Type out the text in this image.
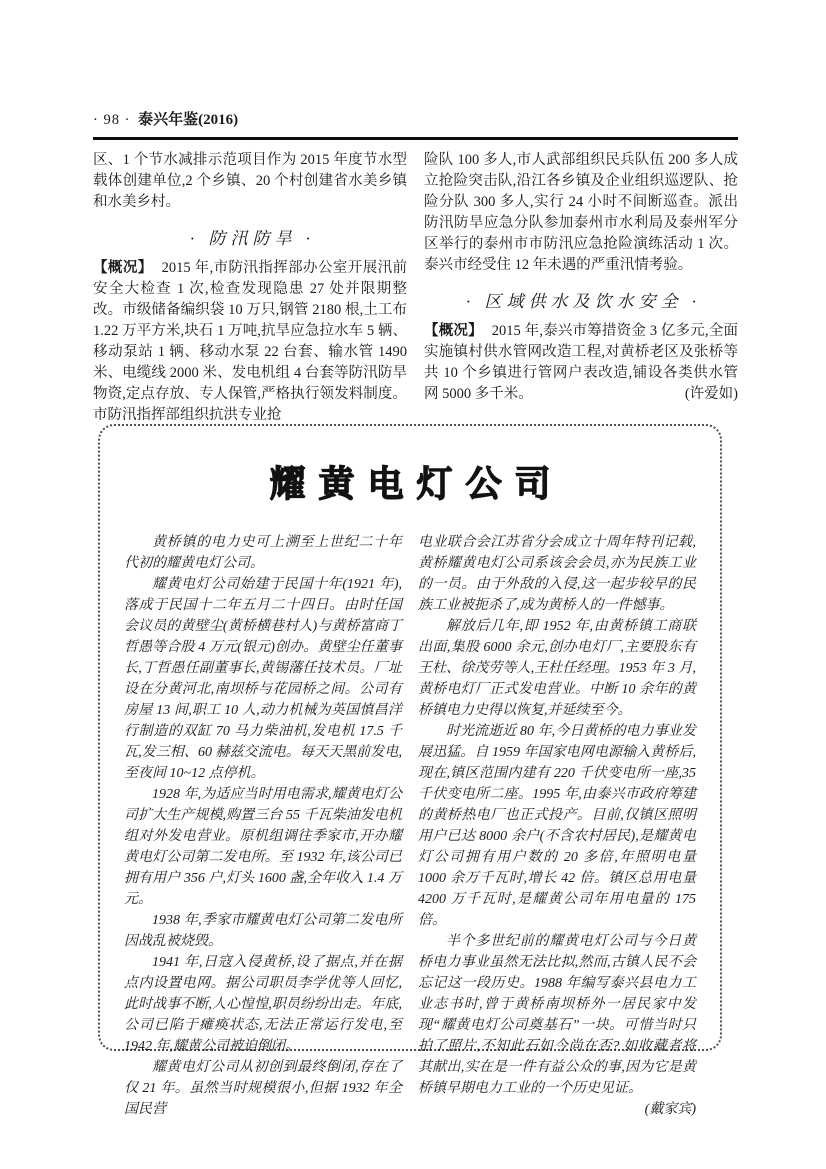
· 98 · 泰兴年鉴(2016)

区、1 个节水减排示范项目作为 2015 年度节水型载体创建单位,2 个乡镇、20 个村创建省水美乡镇和水美乡村。

· 防汛防旱 ·

【概况】 2015 年,市防汛指挥部办公室开展汛前安全大检查 1 次,检查发现隐患 27 处并限期整改。市级储备编织袋 10 万只,钢管 2180 根,土工布 1.22 万平方米,块石 1 万吨,抗旱应急拉水车 5 辆、移动泵站 1 辆、移动水泵 22 台套、输水管 1490 米、电缆线 2000 米、发电机组 4 台套等防汛防旱物资,定点存放、专人保管,严格执行领发料制度。市防汛指挥部组织抗洪专业抢

险队 100 多人,市人武部组织民兵队伍 200 多人成立抢险突击队,沿江各乡镇及企业组织巡逻队、抢险分队 300 多人,实行 24 小时不间断巡查。派出防汛防旱应急分队参加泰州市水利局及泰州军分区举行的泰州市市防汛应急抢险演练活动 1 次。泰兴市经受住 12 年未遇的严重汛情考验。

· 区域供水及饮水安全 ·

【概况】 2015 年,泰兴市筹措资金 3 亿多元,全面实施镇村供水管网改造工程,对黄桥老区及张桥等共 10 个乡镇进行管网户表改造,铺设各类供水管网 5000 多千米。	(许爱如)

耀黄电灯公司

黄桥镇的电力史可上溯至上世纪二十年代初的耀黄电灯公司。

耀黄电灯公司始建于民国十年(1921 年),落成于民国十二年五月二十四日。由时任国会议员的黄壁尘(黄桥横巷村人)与黄桥富商丁哲愚等合股 4 万元(银元)创办。黄壁尘任董事长,丁哲愚任副董事长,黄锡藩任技术员。厂址设在分黄河北,南坝桥与花园桥之间。公司有房屋 13 间,职工 10 人,动力机械为英国慎昌洋行制造的双缸 70 马力柴油机,发电机 17.5 千瓦,发三相、60 赫兹交流电。每天天黑前发电,至夜间 10~12 点停机。

1928 年,为适应当时用电需求,耀黄电灯公司扩大生产规模,购置三台 55 千瓦柴油发电机组对外发电营业。原机组调往季家市,开办耀黄电灯公司第二发电所。至 1932 年,该公司已拥有用户 356 户,灯头 1600 盏,全年收入 1.4 万元。

1938 年,季家市耀黄电灯公司第二发电所因战乱被烧毁。

1941 年,日寇入侵黄桥,设了据点,并在据点内设置电网。据公司职员李学优等人回忆,此时战事不断,人心惶惶,职员纷纷出走。年底,公司已陷于瘫痪状态,无法正常运行发电,至 1942 年,耀黄公司被迫倒闭。

耀黄电灯公司从初创到最终倒闭,存在了仅 21 年。虽然当时规模很小,但据 1932 年全国民营

电业联合会江苏省分会成立十周年特刊记载,黄桥耀黄电灯公司系该会会员,亦为民族工业的一员。由于外敌的入侵,这一起步较早的民族工业被扼杀了,成为黄桥人的一件憾事。

解放后几年,即 1952 年,由黄桥镇工商联出面,集股 6000 余元,创办电灯厂,主要股东有王杜、徐茂劳等人,王杜任经理。1953 年 3 月,黄桥电灯厂正式发电营业。中断 10 余年的黄桥镇电力史得以恢复,并延续至今。

时光流逝近 80 年,今日黄桥的电力事业发展迅猛。自 1959 年国家电网电源输入黄桥后,现在,镇区范围内建有 220 千伏变电所一座,35 千伏变电所二座。1995 年,由泰兴市政府筹建的黄桥热电厂也正式投产。目前,仅镇区照明用户已达 8000 余户(不含农村居民),是耀黄电灯公司拥有用户数的 20 多倍,年照明电量 1000 余万千瓦时,增长 42 倍。镇区总用电量 4200 万千瓦时,是耀黄公司年用电量的 175 倍。

半个多世纪前的耀黄电灯公司与今日黄桥电力事业虽然无法比拟,然而,古镇人民不会忘记这一段历史。1988 年编写泰兴县电力工业志书时,曾于黄桥南坝桥外一居民家中发现“耀黄电灯公司奠基石”一块。可惜当时只拍了照片,不知此石如今尚在否? 如收藏者将其献出,实在是一件有益公众的事,因为它是黄桥镇早期电力工业的一个历史见证。
(戴家宾)
